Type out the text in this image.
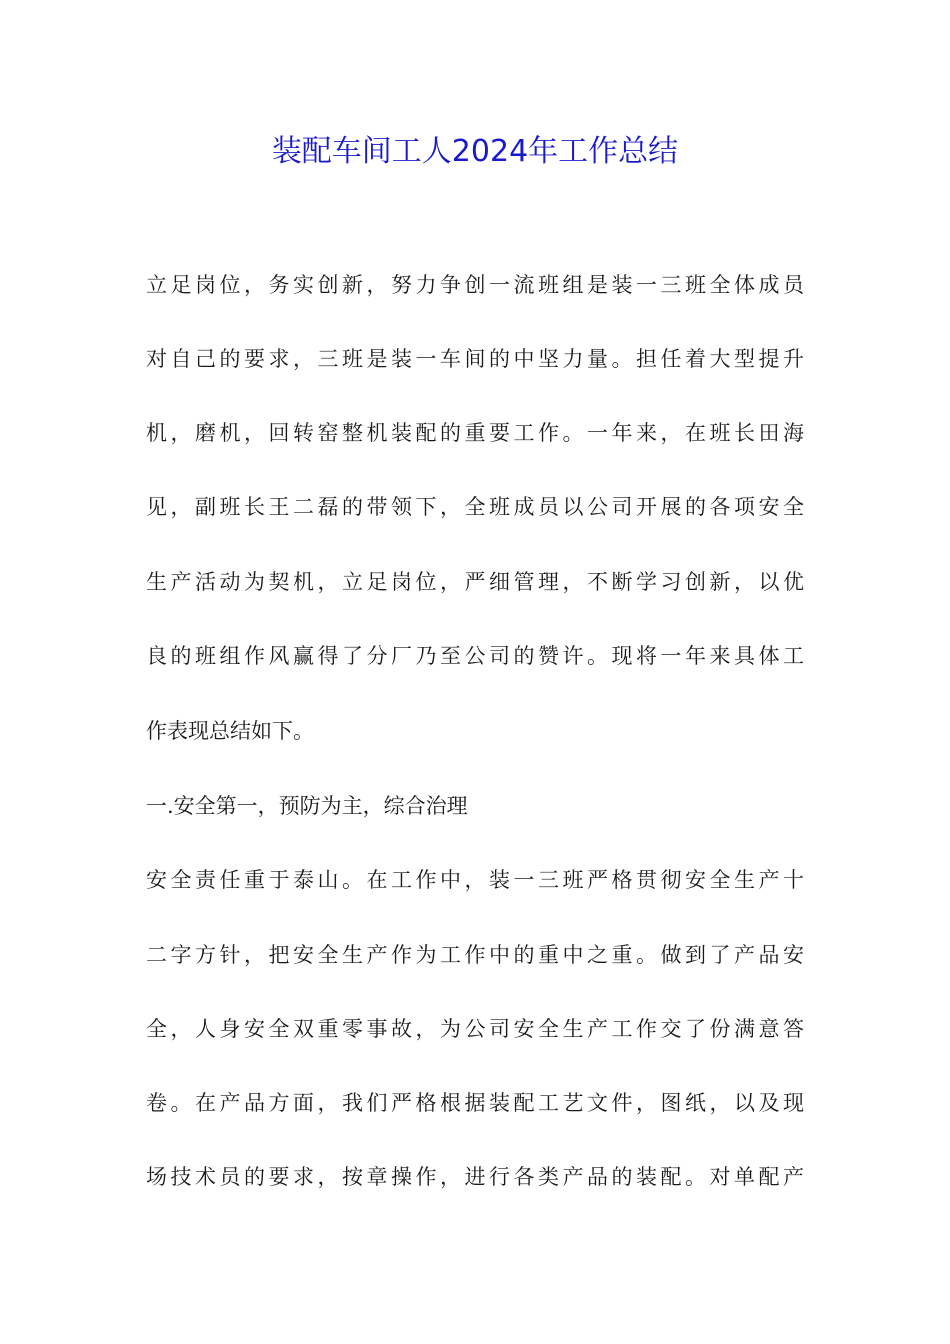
装配车间工人2024年工作总结
立足岗位，务实创新，努力争创一流班组是装一三班全体成员
对自己的要求，三班是装一车间的中坚力量。担任着大型提升
机，磨机，回转窑整机装配的重要工作。一年来，在班长田海
见，副班长王二磊的带领下，全班成员以公司开展的各项安全
生产活动为契机，立足岗位，严细管理，不断学习创新，以优
良的班组作风赢得了分厂乃至公司的赞许。现将一年来具体工
作表现总结如下。
一.安全第一，预防为主，综合治理
安全责任重于泰山。在工作中，装一三班严格贯彻安全生产十
二字方针，把安全生产作为工作中的重中之重。做到了产品安
全，人身安全双重零事故，为公司安全生产工作交了份满意答
卷。在产品方面，我们严格根据装配工艺文件，图纸，以及现
场技术员的要求，按章操作，进行各类产品的装配。对单配产
